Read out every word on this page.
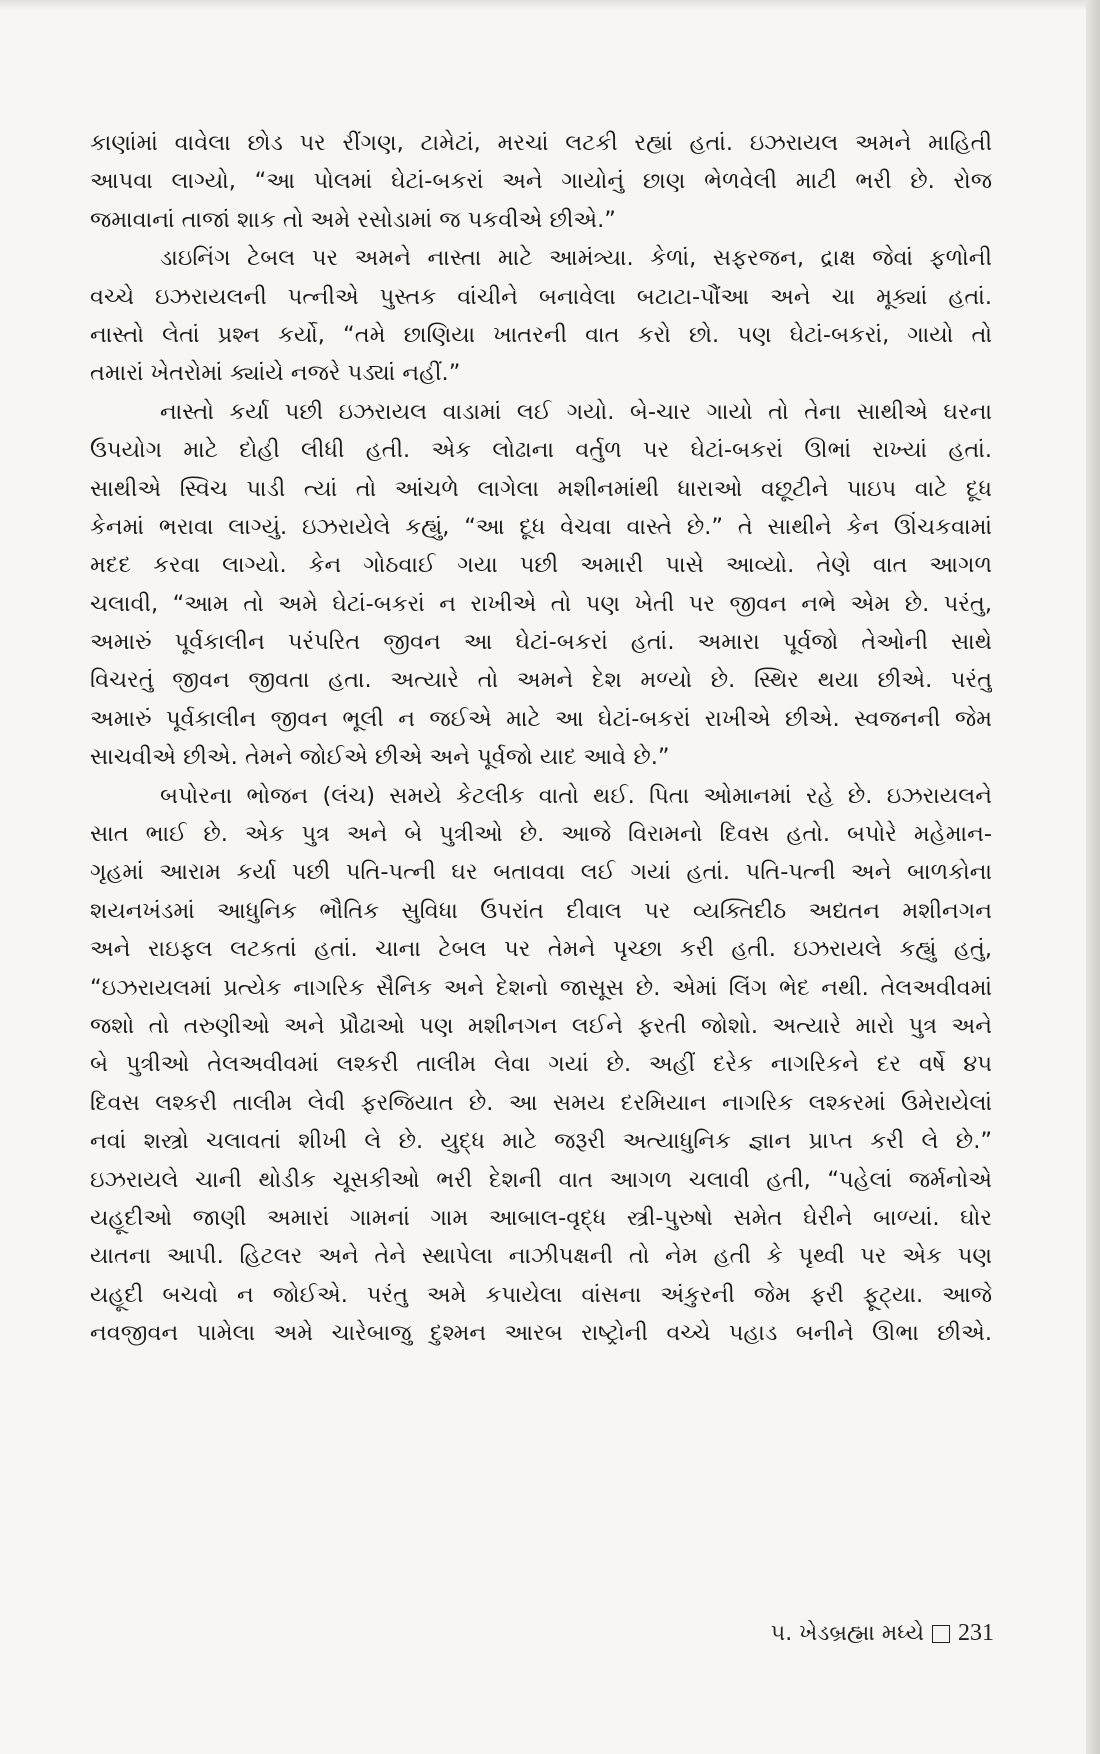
કાણાંમાં વાવેલા છોડ પર રીંગણ, ટામેટાં, મરચાં લટકી રહ્યાં હતાં. ઇઝરાયલ અમને માહિતી
આપવા લાગ્યો, “આ પોલમાં ઘેટાં-બકરાં અને ગાયોનું છાણ ભેળવેલી માટી ભરી છે. રોજ
જમાવાનાં તાજાં શાક તો અમે રસોડામાં જ પકવીએ છીએ.”
ડાઇનિંગ ટેબલ પર અમને નાસ્તા માટે આમંત્ર્યા. કેળાં, સફરજન, દ્રાક્ષ જેવાં ફળોની
વચ્ચે ઇઝરાયલની પત્નીએ પુસ્તક વાંચીને બનાવેલા બટાટા-પૌંઆ અને ચા મૂક્યાં હતાં.
નાસ્તો લેતાં પ્રશ્ન કર્યો, “તમે છાણિયા ખાતરની વાત કરો છો. પણ ઘેટાં-બકરાં, ગાયો તો
તમારાં ખેતરોમાં ક્યાંયે નજરે પડ્યાં નહીં.”
નાસ્તો કર્યા પછી ઇઝરાયલ વાડામાં લઈ ગયો. બે-ચાર ગાયો તો તેના સાથીએ ઘરના
ઉપયોગ માટે દોહી લીધી હતી. એક લોઢાના વર્તુળ પર ઘેટાં-બકરાં ઊભાં રાખ્યાં હતાં.
સાથીએ સ્વિચ પાડી ત્યાં તો આંચળે લાગેલા મશીનમાંથી ધારાઓ વછૂટીને પાઇપ વાટે દૂધ
કેનમાં ભરાવા લાગ્યું. ઇઝરાયેલે કહ્યું, “આ દૂધ વેચવા વાસ્તે છે.” તે સાથીને કેન ઊંચકવામાં
મદદ કરવા લાગ્યો. કેન ગોઠવાઈ ગયા પછી અમારી પાસે આવ્યો. તેણે વાત આગળ
ચલાવી, “આમ તો અમે ઘેટાં-બકરાં ન રાખીએ તો પણ ખેતી પર જીવન નભે એમ છે. પરંતુ,
અમારું પૂર્વકાલીન પરંપરિત જીવન આ ઘેટાં-બકરાં હતાં. અમારા પૂર્વજો તેઓની સાથે
વિચરતું જીવન જીવતા હતા. અત્યારે તો અમને દેશ મળ્યો છે. સ્થિર થયા છીએ. પરંતુ
અમારું પૂર્વકાલીન જીવન ભૂલી ન જઈએ માટે આ ઘેટાં-બકરાં રાખીએ છીએ. સ્વજનની જેમ
સાચવીએ છીએ. તેમને જોઈએ છીએ અને પૂર્વજો યાદ આવે છે.”
બપોરના ભોજન (લંચ) સમયે કેટલીક વાતો થઈ. પિતા ઓમાનમાં રહે છે. ઇઝરાયલને
સાત ભાઈ છે. એક પુત્ર અને બે પુત્રીઓ છે. આજે વિરામનો દિવસ હતો. બપોરે મહેમાન-
ગૃહમાં આરામ કર્યા પછી પતિ-પત્ની ઘર બતાવવા લઈ ગયાં હતાં. પતિ-પત્ની અને બાળકોના
શયનખંડમાં આધુનિક ભૌતિક સુવિધા ઉપરાંત દીવાલ પર વ્યક્તિદીઠ અદ્યતન મશીનગન
અને રાઇફલ લટકતાં હતાં. ચાના ટેબલ પર તેમને પૃચ્છા કરી હતી. ઇઝરાયલે કહ્યું હતું,
“ઇઝરાયલમાં પ્રત્યેક નાગરિક સૈનિક અને દેશનો જાસૂસ છે. એમાં લિંગ ભેદ નથી. તેલઅવીવમાં
જશો તો તરુણીઓ અને પ્રૌઢાઓ પણ મશીનગન લઈને ફરતી જોશો. અત્યારે મારો પુત્ર અને
બે પુત્રીઓ તેલઅવીવમાં લશ્કરી તાલીમ લેવા ગયાં છે. અહીં દરેક નાગરિકને દર વર્ષે ૪૫
દિવસ લશ્કરી તાલીમ લેવી ફરજિયાત છે. આ સમય દરમિયાન નાગરિક લશ્કરમાં ઉમેરાયેલાં
નવાં શસ્ત્રો ચલાવતાં શીખી લે છે. યુદ્ધ માટે જરૂરી અત્યાધુનિક જ્ઞાન પ્રાપ્ત કરી લે છે.”
ઇઝરાયલે ચાની થોડીક ચૂસકીઓ ભરી દેશની વાત આગળ ચલાવી હતી, “પહેલાં જર્મનોએ
યહૂદીઓ જાણી અમારાં ગામનાં ગામ આબાલ-વૃદ્ધ સ્ત્રી-પુરુષો સમેત ઘેરીને બાળ્યાં. ઘોર
યાતના આપી. હિટલર અને તેને સ્થાપેલા નાઝીપક્ષની તો નેમ હતી કે પૃથ્વી પર એક પણ
યહૂદી બચવો ન જોઈએ. પરંતુ અમે કપાયેલા વાંસના અંકુરની જેમ ફરી ફૂટ્યા. આજે
નવજીવન પામેલા અમે ચારેબાજુ દુશ્મન આરબ રાષ્ટ્રોની વચ્ચે પહાડ બનીને ઊભા છીએ.
૫. ખેડબ્રહ્મા મધ્યે 231
